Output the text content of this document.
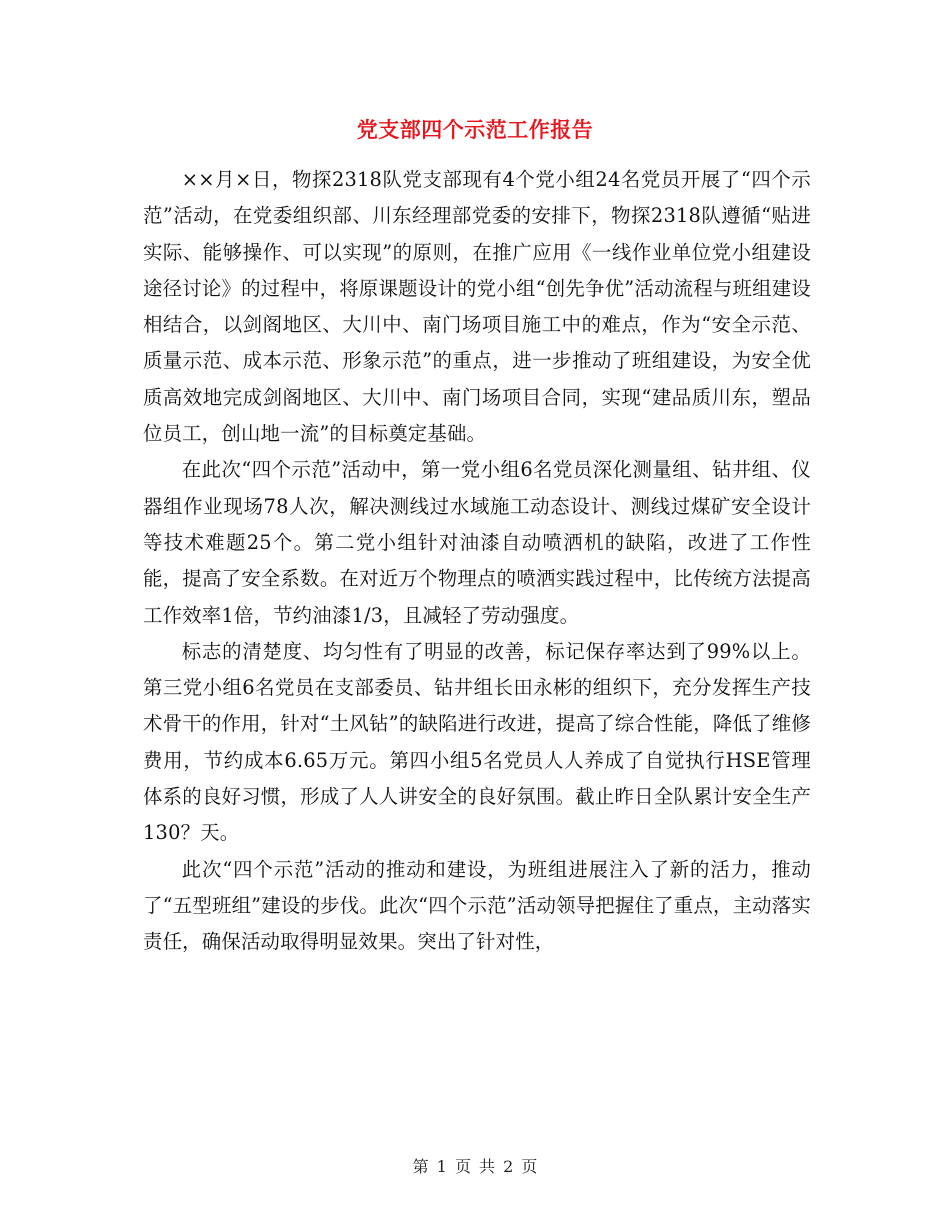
党支部四个示范工作报告

××月×日，物探2318队党支部现有4个党小组24名党员开展了“四个示范”活动，在党委组织部、川东经理部党委的安排下，物探2318队遵循“贴进实际、能够操作、可以实现”的原则，在推广应用《一线作业单位党小组建设途径讨论》的过程中，将原课题设计的党小组“创先争优”活动流程与班组建设相结合，以剑阁地区、大川中、南门场项目施工中的难点，作为“安全示范、质量示范、成本示范、形象示范”的重点，进一步推动了班组建设，为安全优质高效地完成剑阁地区、大川中、南门场项目合同，实现“建品质川东，塑品位员工，创山地一流”的目标奠定基础。

在此次“四个示范”活动中，第一党小组6名党员深化测量组、钻井组、仪器组作业现场78人次，解决测线过水域施工动态设计、测线过煤矿安全设计等技术难题25个。第二党小组针对油漆自动喷洒机的缺陷，改进了工作性能，提高了安全系数。在对近万个物理点的喷洒实践过程中，比传统方法提高工作效率1倍，节约油漆1/3，且减轻了劳动强度。

标志的清楚度、均匀性有了明显的改善，标记保存率达到了99%以上。第三党小组6名党员在支部委员、钻井组长田永彬的组织下，充分发挥生产技术骨干的作用，针对“土风钻”的缺陷进行改进，提高了综合性能，降低了维修费用，节约成本6.65万元。第四小组5名党员人人养成了自觉执行HSE管理体系的良好习惯，形成了人人讲安全的良好氛围。截止昨日全队累计安全生产130？天。

此次“四个示范”活动的推动和建设，为班组进展注入了新的活力，推动了“五型班组”建设的步伐。此次“四个示范”活动领导把握住了重点，主动落实责任，确保活动取得明显效果。突出了针对性，

第 1 页 共 2 页
